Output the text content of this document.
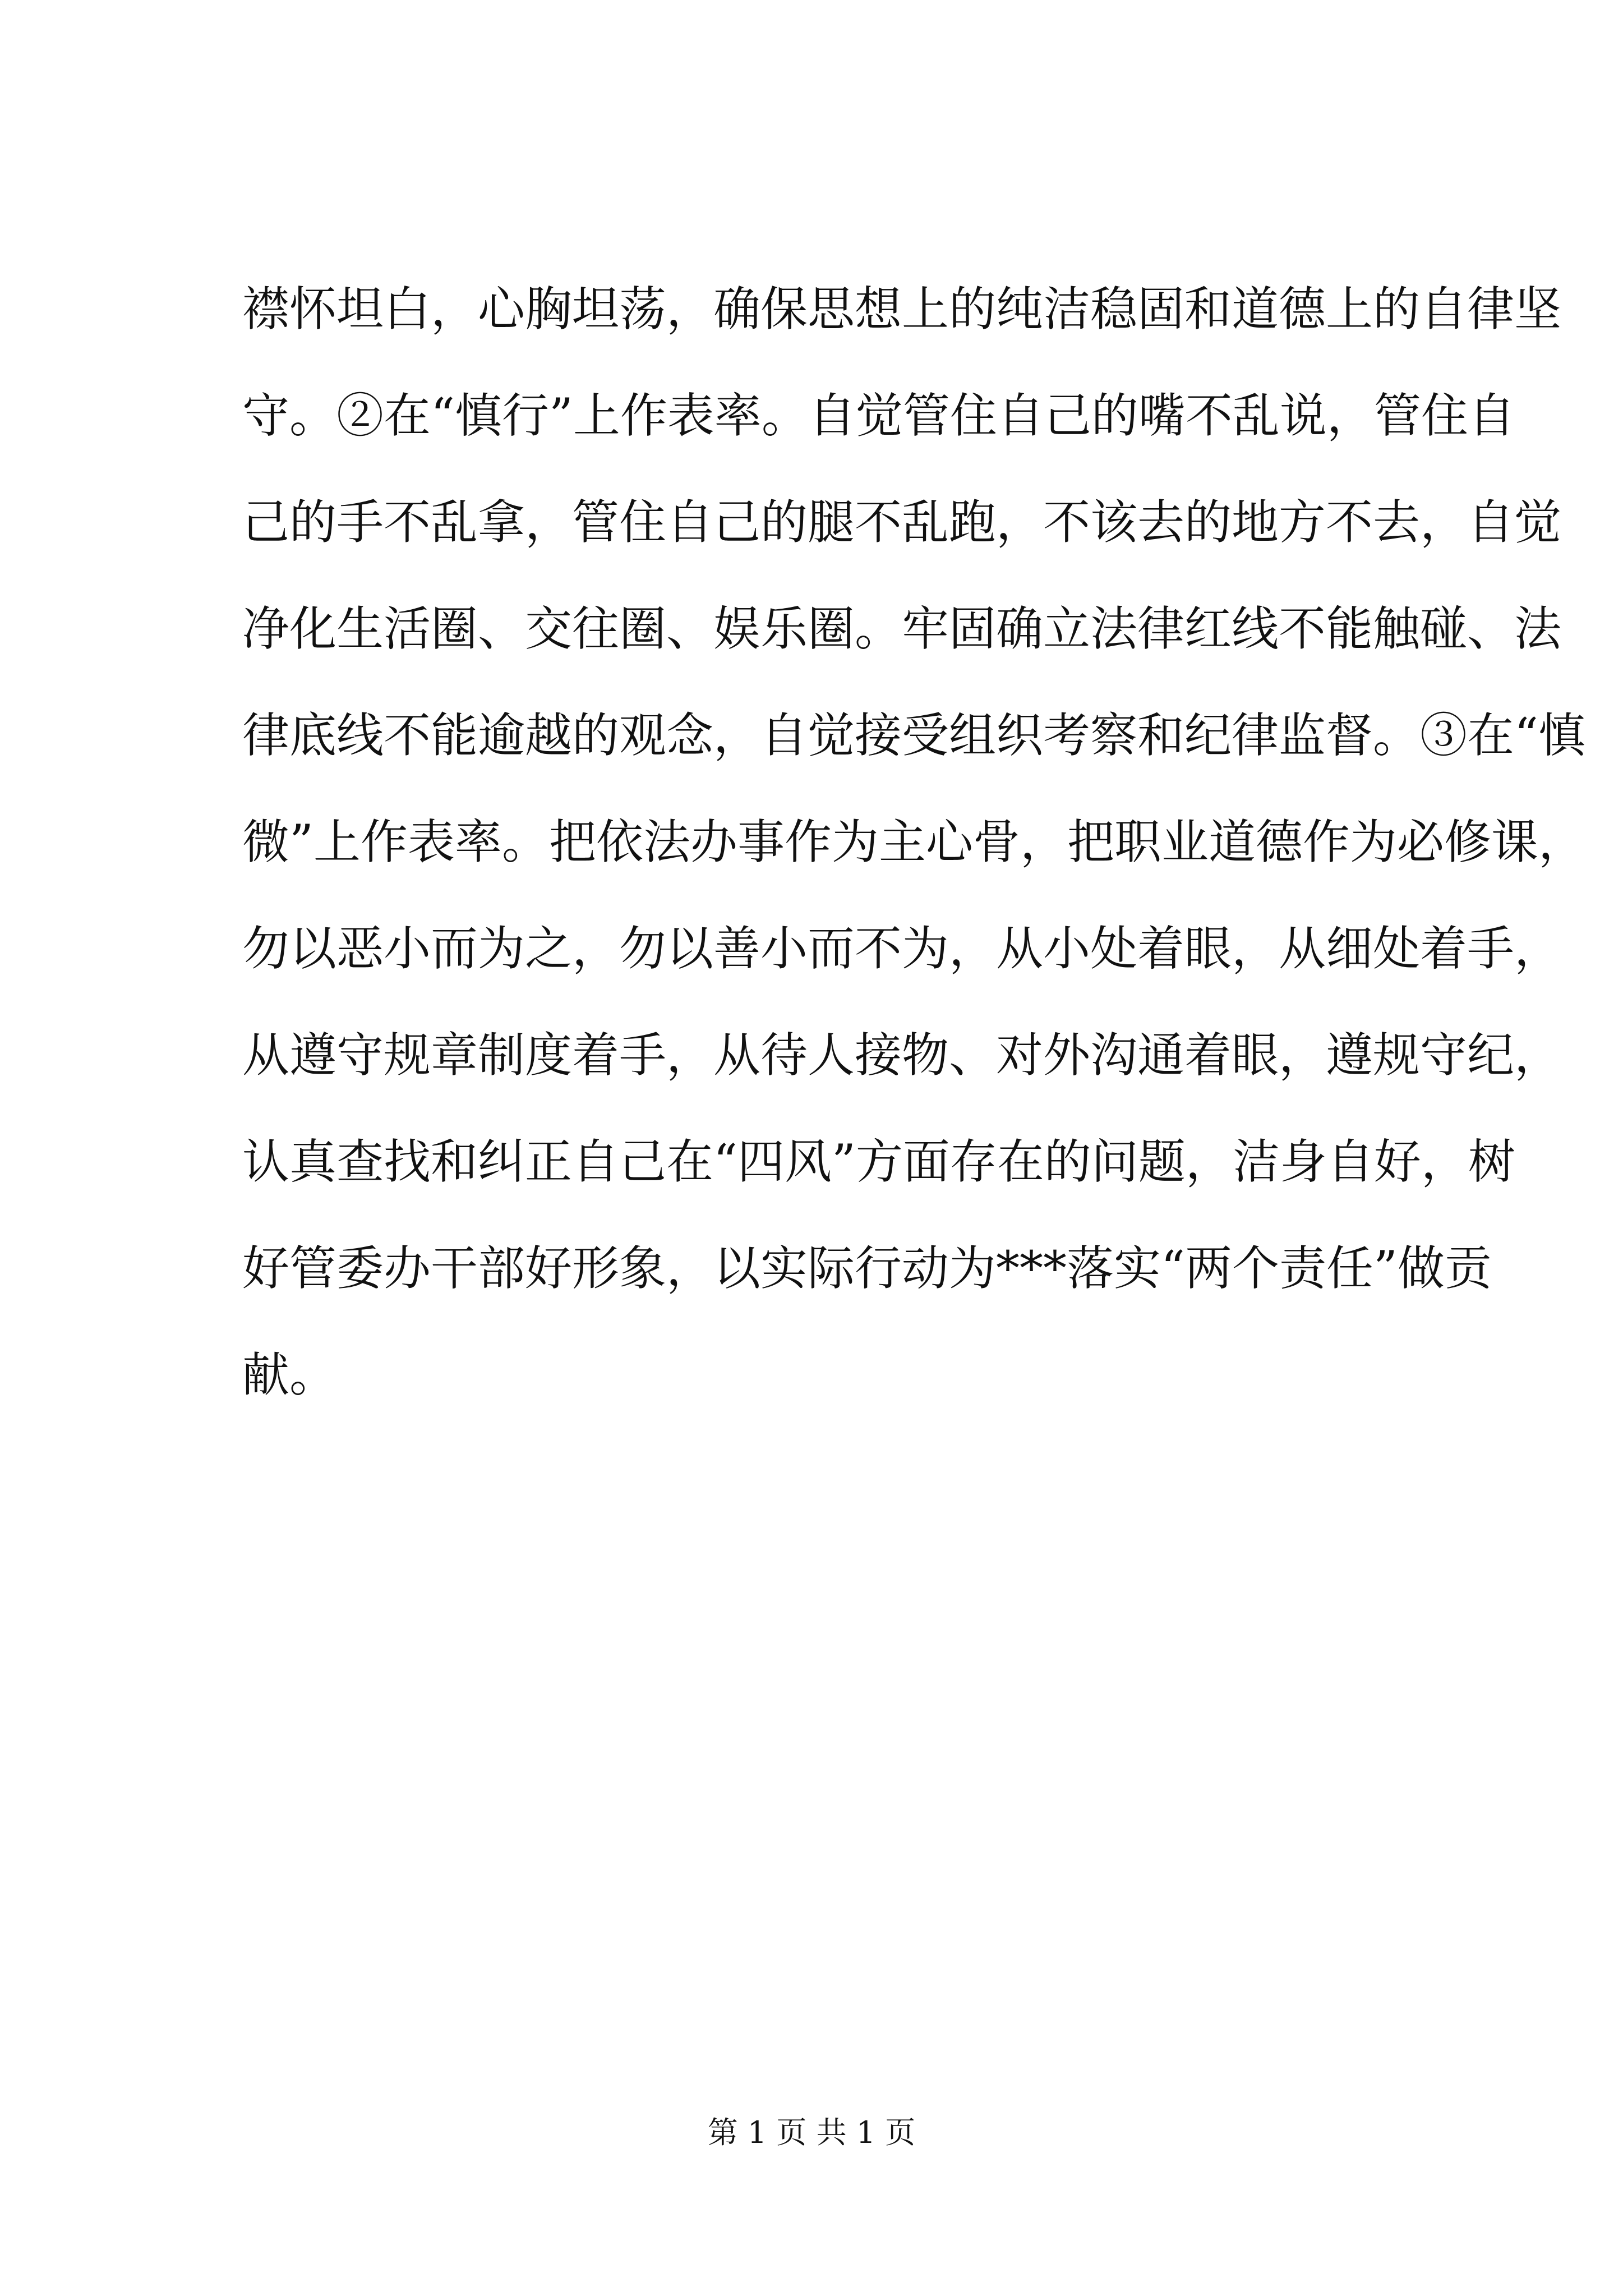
襟怀坦白，心胸坦荡，确保思想上的纯洁稳固和道德上的自律坚
守。②在“慎行”上作表率。自觉管住自己的嘴不乱说，管住自
己的手不乱拿，管住自己的腿不乱跑，不该去的地方不去，自觉
净化生活圈、交往圈、娱乐圈。牢固确立法律红线不能触碰、法
律底线不能逾越的观念，自觉接受组织考察和纪律监督。③在“慎
微”上作表率。把依法办事作为主心骨，把职业道德作为必修课，
勿以恶小而为之，勿以善小而不为，从小处着眼，从细处着手，
从遵守规章制度着手，从待人接物、对外沟通着眼，遵规守纪，
认真查找和纠正自己在“四风”方面存在的问题，洁身自好，树
好管委办干部好形象，以实际行动为***落实“两个责任”做贡
献。
第 1 页 共 1 页
